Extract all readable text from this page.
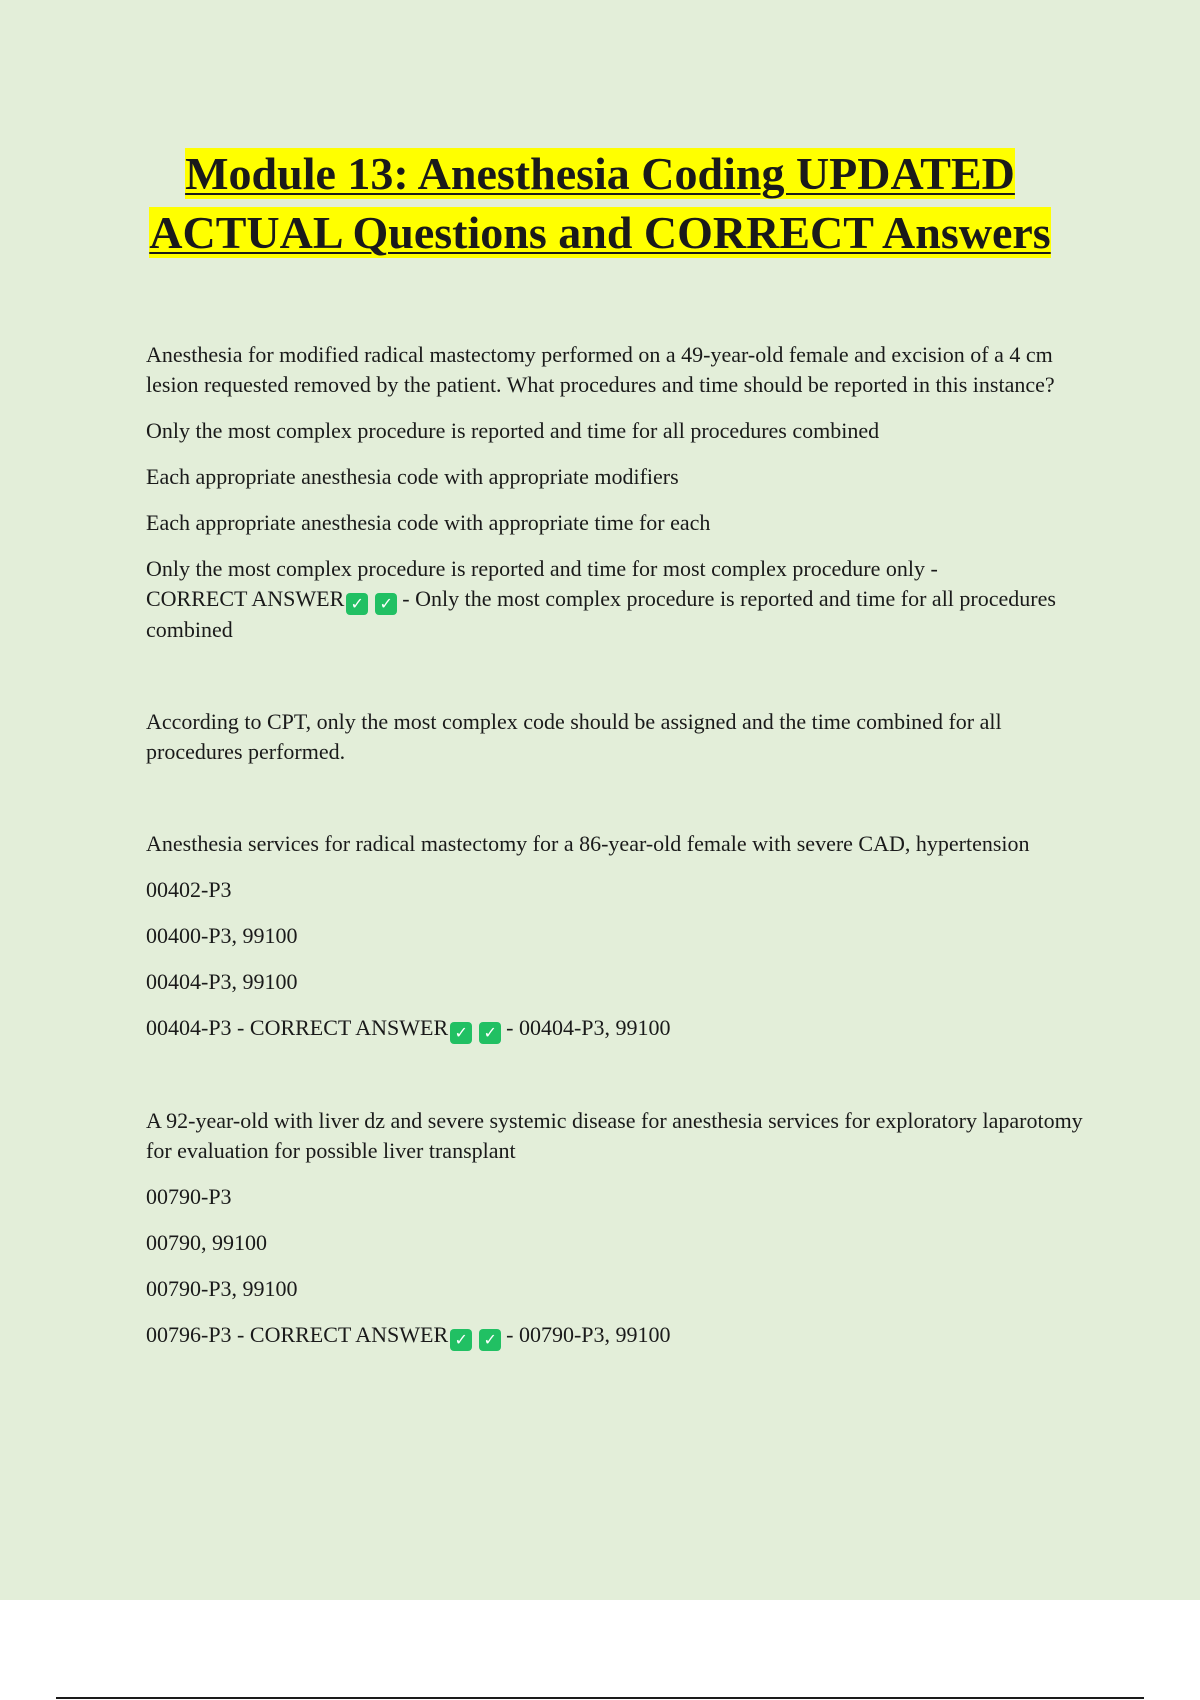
Module 13: Anesthesia Coding UPDATED ACTUAL Questions and CORRECT Answers

Anesthesia for modified radical mastectomy performed on a 49-year-old female and excision of a 4 cm lesion requested removed by the patient. What procedures and time should be reported in this instance?

Only the most complex procedure is reported and time for all procedures combined

Each appropriate anesthesia code with appropriate modifiers

Each appropriate anesthesia code with appropriate time for each

Only the most complex procedure is reported and time for most complex procedure only -
CORRECT ANSWER ✓ ✓ - Only the most complex procedure is reported and time for all procedures combined

According to CPT, only the most complex code should be assigned and the time combined for all procedures performed.

Anesthesia services for radical mastectomy for a 86-year-old female with severe CAD, hypertension

00402-P3

00400-P3, 99100

00404-P3, 99100

00404-P3 - CORRECT ANSWER ✓ ✓ - 00404-P3, 99100

A 92-year-old with liver dz and severe systemic disease for anesthesia services for exploratory laparotomy for evaluation for possible liver transplant

00790-P3

00790, 99100

00790-P3, 99100

00796-P3 - CORRECT ANSWER ✓ ✓ - 00790-P3, 99100
